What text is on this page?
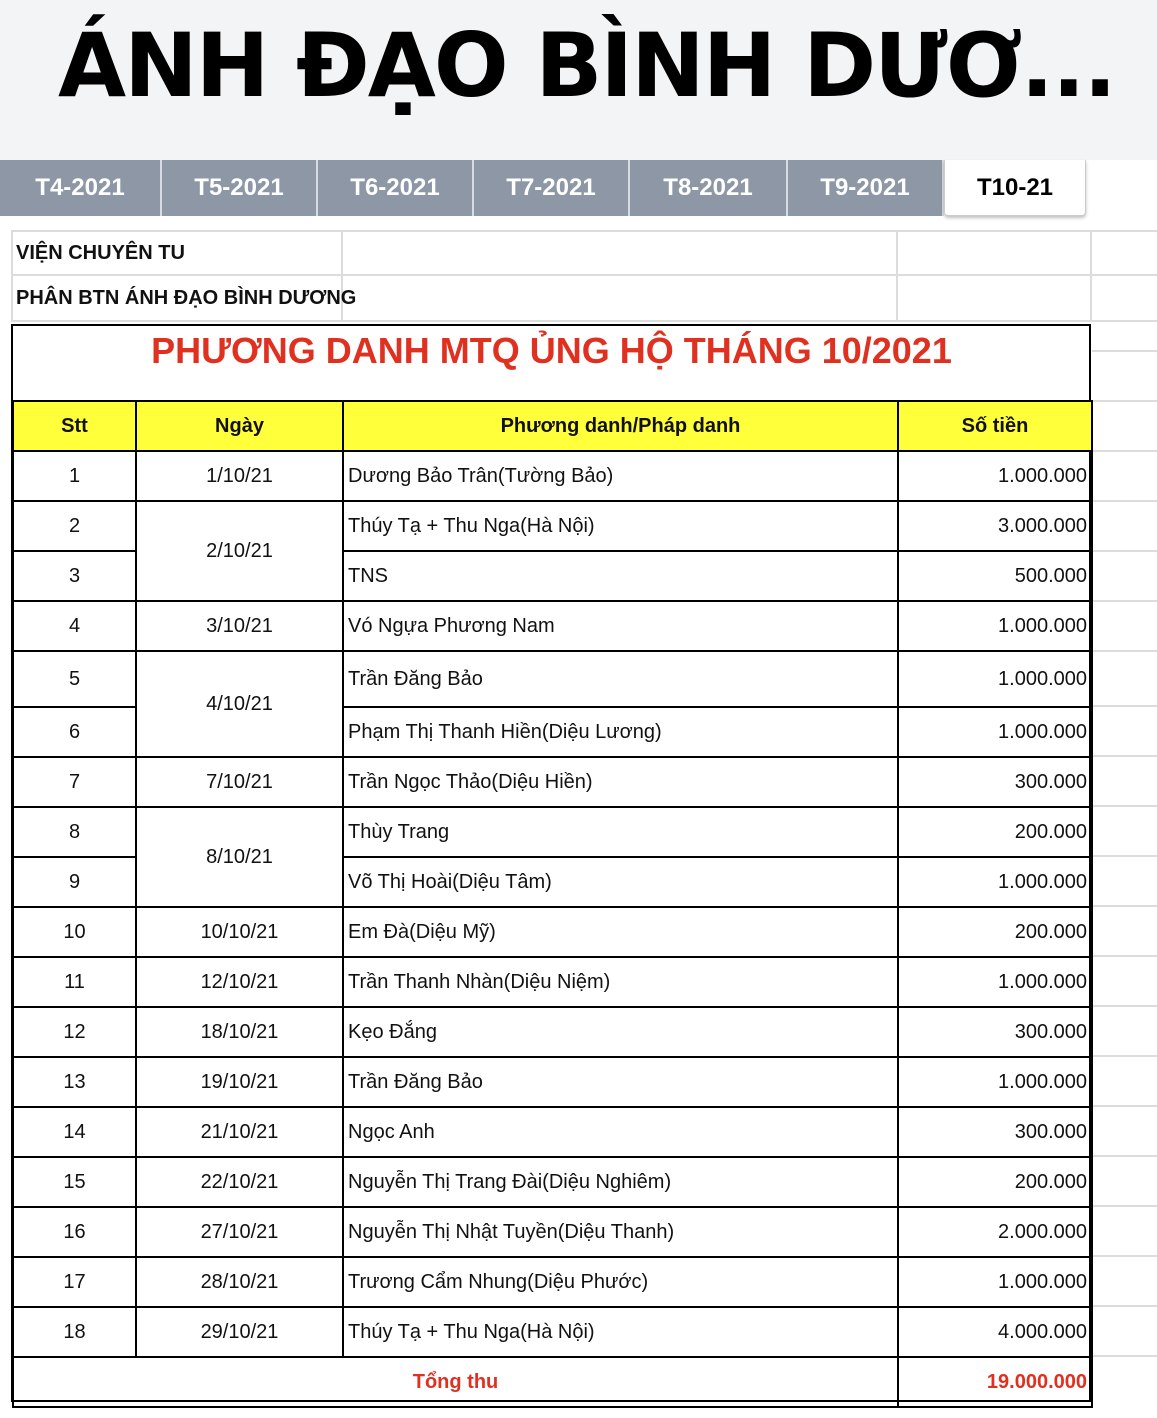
ÁNH ĐẠO BÌNH DƯƠ...
T4-2021	T5-2021	T6-2021	T7-2021	T8-2021	T9-2021	T10-21
VIỆN CHUYÊN TU
PHÂN BTN ÁNH ĐẠO BÌNH DƯƠNG
PHƯƠNG DANH MTQ ỦNG HỘ THÁNG 10/2021
Stt	Ngày	Phương danh/Pháp danh	Số tiền
1	1/10/21	Dương Bảo Trân(Tường Bảo)	1.000.000
2	2/10/21	Thúy Tạ + Thu Nga(Hà Nội)	3.000.000
3		TNS	500.000
4	3/10/21	Vó Ngựa Phương Nam	1.000.000
5	4/10/21	Trần Đăng Bảo	1.000.000
6		Phạm Thị Thanh Hiền(Diệu Lương)	1.000.000
7	7/10/21	Trần Ngọc Thảo(Diệu Hiền)	300.000
8	8/10/21	Thùy Trang	200.000
9		Võ Thị Hoài(Diệu Tâm)	1.000.000
10	10/10/21	Em Đà(Diệu Mỹ)	200.000
11	12/10/21	Trần Thanh Nhàn(Diệu Niệm)	1.000.000
12	18/10/21	Kẹo Đắng	300.000
13	19/10/21	Trần Đăng Bảo	1.000.000
14	21/10/21	Ngọc Anh	300.000
15	22/10/21	Nguyễn Thị Trang Đài(Diệu Nghiêm)	200.000
16	27/10/21	Nguyễn Thị Nhật Tuyền(Diệu Thanh)	2.000.000
17	28/10/21	Trương Cẩm Nhung(Diệu Phước)	1.000.000
18	29/10/21	Thúy Tạ + Thu Nga(Hà Nội)	4.000.000
Tổng thu			19.000.000
